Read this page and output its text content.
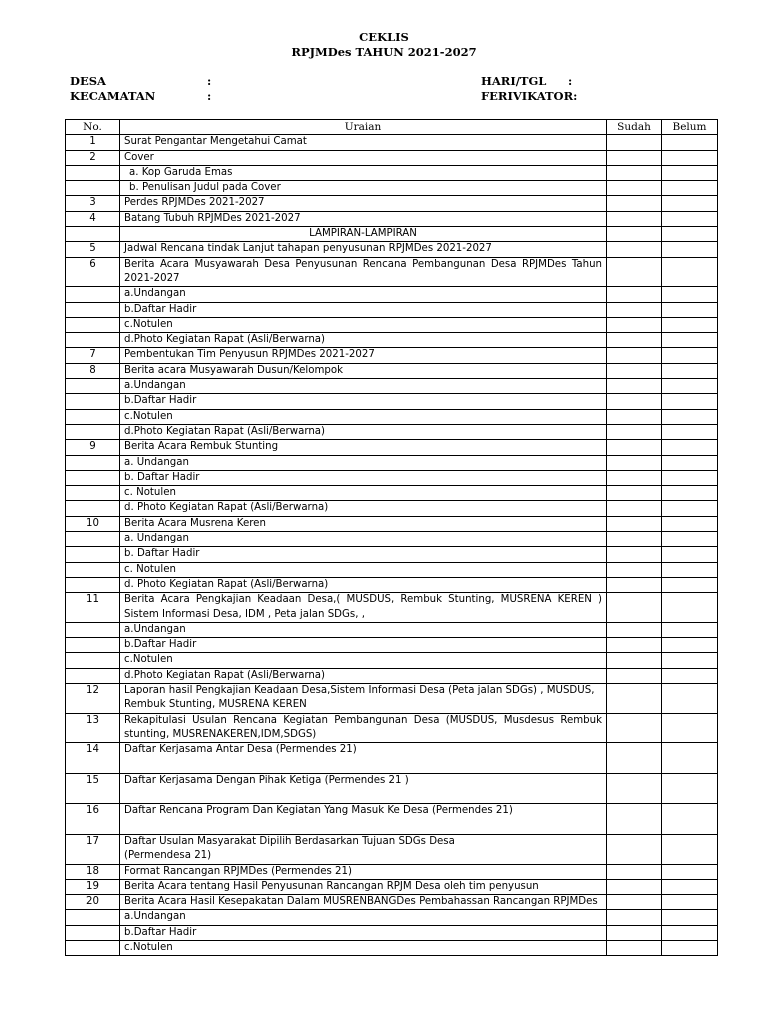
CEKLIS
RPJMDes TAHUN 2021-2027
DESA	:
KECAMATAN	:
HARI/TGL :
FERIVIKATOR:
No.	Uraian	Sudah	Belum
1	Surat Pengantar Mengetahui Camat		
2	Cover		
	a. Kop Garuda Emas		
	b. Penulisan Judul pada Cover		
3	Perdes RPJMDes 2021-2027		
4	Batang Tubuh RPJMDes 2021-2027		
	LAMPIRAN-LAMPIRAN		
5	Jadwal Rencana tindak Lanjut tahapan penyusunan RPJMDes 2021-2027		
6	Berita Acara Musyawarah Desa Penyusunan Rencana Pembangunan Desa RPJMDes Tahun 2021-2027		
	a.Undangan		
	b.Daftar Hadir		
	c.Notulen		
	d.Photo Kegiatan Rapat (Asli/Berwarna)		
7	Pembentukan Tim Penyusun RPJMDes 2021-2027		
8	Berita acara Musyawarah Dusun/Kelompok		
	a.Undangan		
	b.Daftar Hadir		
	c.Notulen		
	d.Photo Kegiatan Rapat (Asli/Berwarna)		
9	Berita Acara Rembuk Stunting		
	a. Undangan		
	b. Daftar Hadir		
	c. Notulen		
	d. Photo Kegiatan Rapat (Asli/Berwarna)		
10	Berita Acara Musrena Keren		
	a. Undangan		
	b. Daftar Hadir		
	c. Notulen		
	d. Photo Kegiatan Rapat (Asli/Berwarna)		
11	Berita Acara Pengkajian Keadaan Desa,( MUSDUS, Rembuk Stunting, MUSRENA KEREN ) Sistem Informasi Desa, IDM , Peta jalan SDGs, ,		
	a.Undangan		
	b.Daftar Hadir		
	c.Notulen		
	d.Photo Kegiatan Rapat (Asli/Berwarna)		
12	Laporan hasil Pengkajian Keadaan Desa,Sistem Informasi Desa (Peta jalan SDGs) , MUSDUS, Rembuk Stunting, MUSRENA KEREN		
13	Rekapitulasi Usulan Rencana Kegiatan Pembangunan Desa (MUSDUS, Musdesus Rembuk stunting, MUSRENAKEREN,IDM,SDGS)		
14	Daftar Kerjasama Antar Desa (Permendes 21)		
15	Daftar Kerjasama Dengan Pihak Ketiga (Permendes 21 )		
16	Daftar Rencana Program Dan Kegiatan Yang Masuk Ke Desa (Permendes 21)		
17	Daftar Usulan Masyarakat Dipilih Berdasarkan Tujuan SDGs Desa
(Permendesa 21)		
18	Format Rancangan RPJMDes (Permendes 21)		
19	Berita Acara tentang Hasil Penyusunan Rancangan RPJM Desa oleh tim penyusun		
20	Berita Acara Hasil Kesepakatan Dalam MUSRENBANGDes Pembahassan Rancangan RPJMDes		
	a.Undangan		
	b.Daftar Hadir		
	c.Notulen		
